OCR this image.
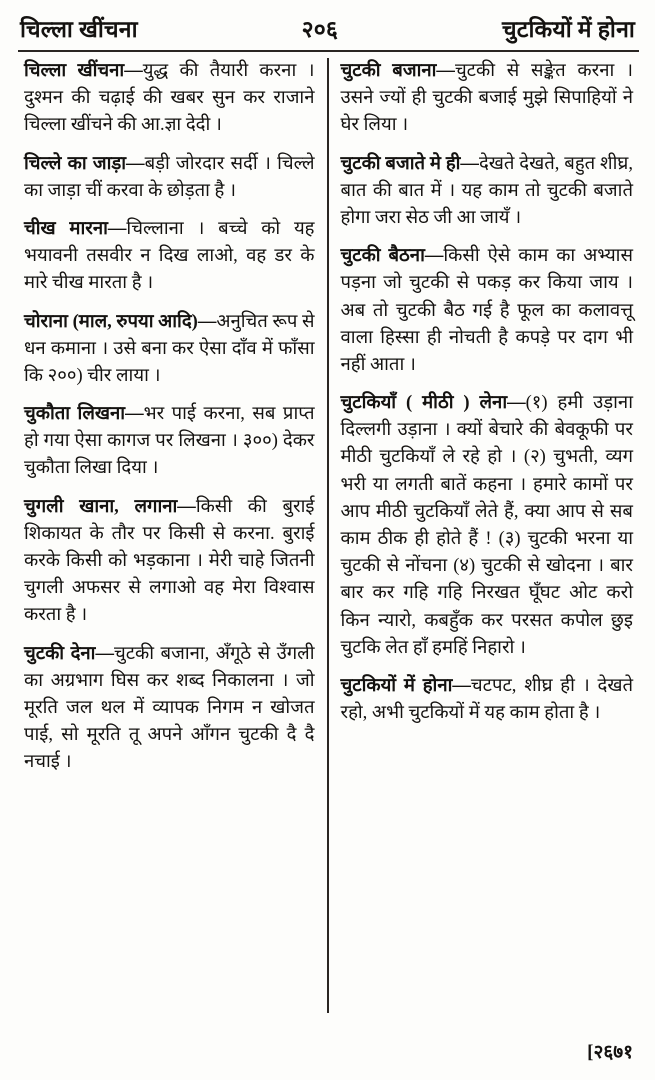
चिल्ला खींचना	२०६	चुटकियों में होना

चिल्ला खींचना—युद्ध की तैयारी करना । दुश्मन की चढ़ाई की खबर सुन कर राजाने चिल्ला खींचने की आ.ज्ञा देदी ।

चिल्ले का जाड़ा—बड़ी जोरदार सर्दी । चिल्ले का जाड़ा चीं करवा के छोड़ता है ।

चीख मारना—चिल्लाना । बच्चे को यह भयावनी तसवीर न दिख लाओ, वह डर के मारे चीख मारता है ।

चोराना (माल, रुपया आदि)—अनुचित रूप से धन कमाना । उसे बना कर ऐसा दाँव में फाँसा कि २००) चीर लाया ।

चुकौता लिखना—भर पाई करना, सब प्राप्त हो गया ऐसा कागज पर लिखना । ३००) देकर चुकौता लिखा दिया ।

चुगली खाना, लगाना—किसी की बुराई शिकायत के तौर पर किसी से करना. बुराई करके किसी को भड़काना । मेरी चाहे जितनी चुगली अफसर से लगाओ वह मेरा विश्वास करता है ।

चुटकी देना—चुटकी बजाना, अँगूठे से उँगली का अग्रभाग घिस कर शब्द निकालना । जो मूरति जल थल में व्यापक निगम न खोजत पाई, सो मूरति तू अपने आँगन चुटकी दै दै नचाई ।

चुटकी बजाना—चुटकी से सङ्केत करना । उसने ज्यों ही चुटकी बजाई मुझे सिपाहियों ने घेर लिया ।

चुटकी बजाते मे ही—देखते देखते, बहुत शीघ्र, बात की बात में । यह काम तो चुटकी बजाते होगा जरा सेठ जी आ जायँ ।

चुटकी बैठना—किसी ऐसे काम का अभ्यास पड़ना जो चुटकी से पकड़ कर किया जाय । अब तो चुटकी बैठ गई है फूल का कलावत्तू वाला हिस्सा ही नोचती है कपड़े पर दाग भी नहीं आता ।

चुटकियाँ ( मीठी ) लेना—(१) हमी उड़ाना दिल्लगी उड़ाना । क्यों बेचारे की बेवकूफी पर मीठी चुटकियाँ ले रहे हो । (२) चुभती, व्यग भरी या लगती बातें कहना । हमारे कामों पर आप मीठी चुटकियाँ लेते हैं, क्या आप से सब काम ठीक ही होते हैं ! (३) चुटकी भरना या चुटकी से नोंचना (४) चुटकी से खोदना । बार बार कर गहि गहि निरखत घूँघट ओट करो किन न्यारो, कबहुँक कर परसत कपोल छुइ चुटकि लेत हाँ हमहिं निहारो ।

चुटकियों में होना—चटपट, शीघ्र ही । देखते रहो, अभी चुटकियों में यह काम होता है ।

[२६७१
